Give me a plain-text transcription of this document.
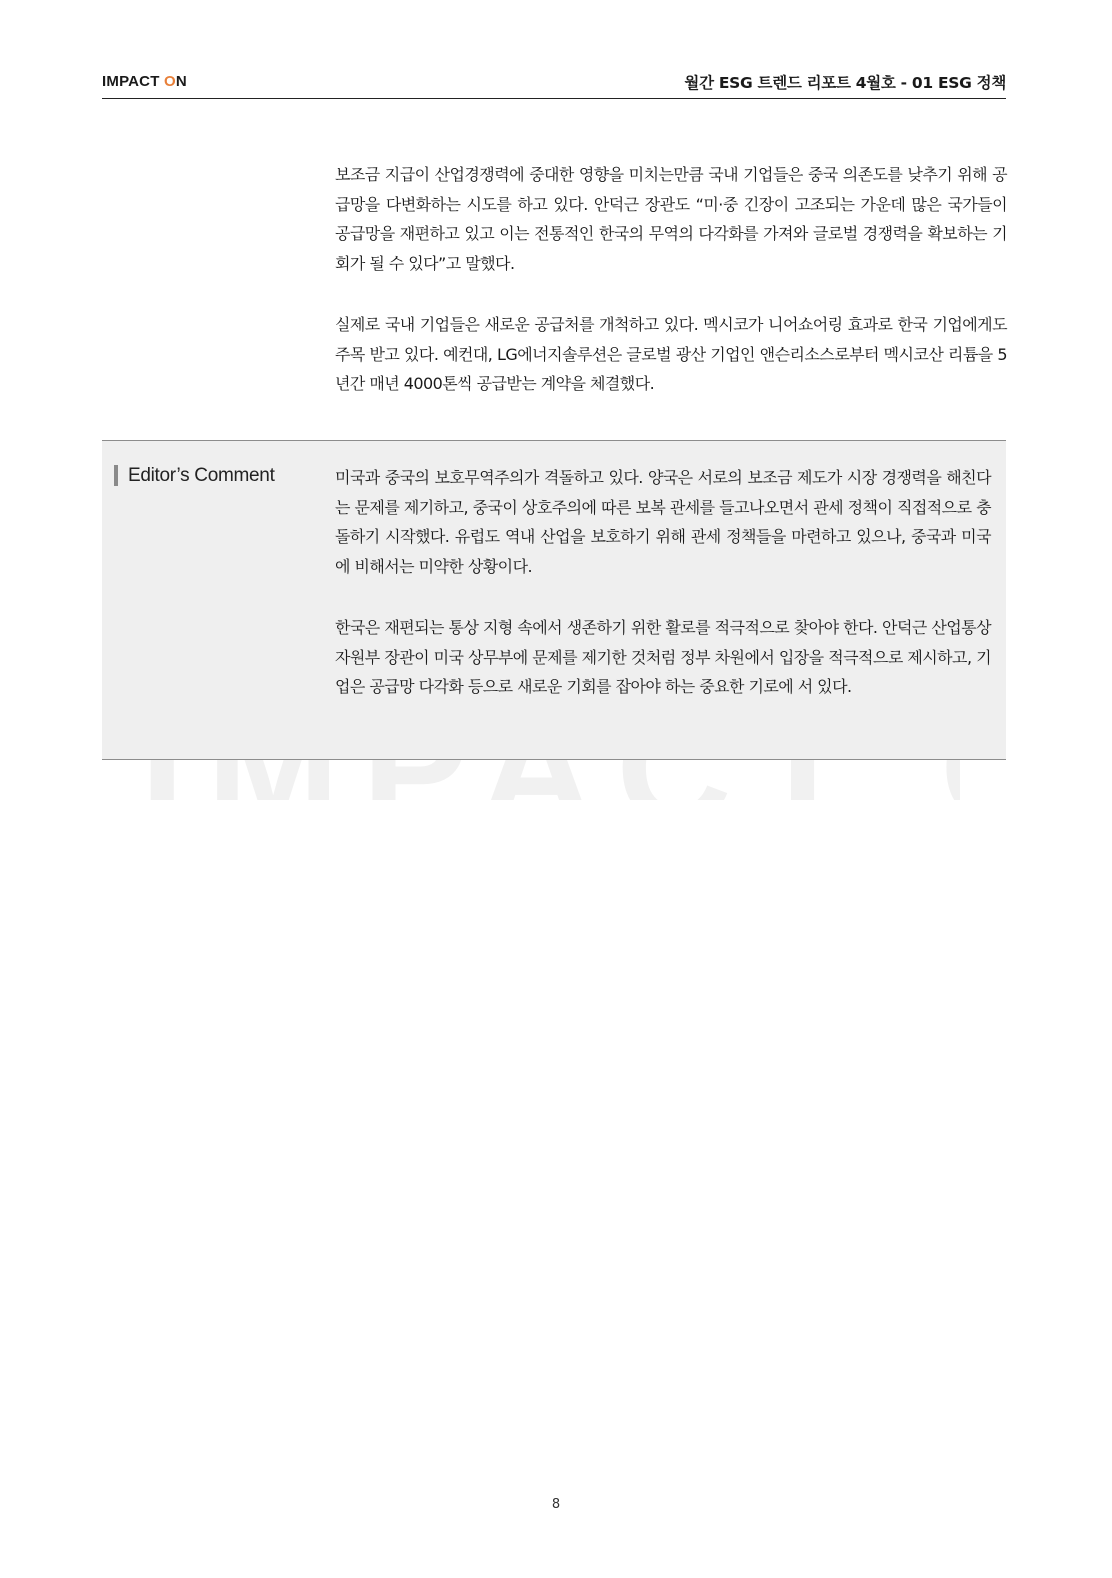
IMPACT ON	월간 ESG 트렌드 리포트 4월호 - 01 ESG 정책

보조금 지급이 산업경쟁력에 중대한 영향을 미치는만큼 국내 기업들은 중국 의존도를 낮추기 위해 공급망을 다변화하는 시도를 하고 있다. 안덕근 장관도 “미·중 긴장이 고조되는 가운데 많은 국가들이 공급망을 재편하고 있고 이는 전통적인 한국의 무역의 다각화를 가져와 글로벌 경쟁력을 확보하는 기회가 될 수 있다”고 말했다.

실제로 국내 기업들은 새로운 공급처를 개척하고 있다. 멕시코가 니어쇼어링 효과로 한국 기업에게도 주목 받고 있다. 예컨대, LG에너지솔루션은 글로벌 광산 기업인 앤슨리소스로부터 멕시코산 리튬을 5년간 매년 4000톤씩 공급받는 계약을 체결했다.

Editor’s Comment	미국과 중국의 보호무역주의가 격돌하고 있다. 양국은 서로의 보조금 제도가 시장 경쟁력을 해친다는 문제를 제기하고, 중국이 상호주의에 따른 보복 관세를 들고나오면서 관세 정책이 직접적으로 충돌하기 시작했다. 유럽도 역내 산업을 보호하기 위해 관세 정책들을 마련하고 있으나, 중국과 미국에 비해서는 미약한 상황이다.

한국은 재편되는 통상 지형 속에서 생존하기 위한 활로를 적극적으로 찾아야 한다. 안덕근 산업통상자원부 장관이 미국 상무부에 문제를 제기한 것처럼 정부 차원에서 입장을 적극적으로 제시하고, 기업은 공급망 다각화 등으로 새로운 기회를 잡아야 하는 중요한 기로에 서 있다.

8
